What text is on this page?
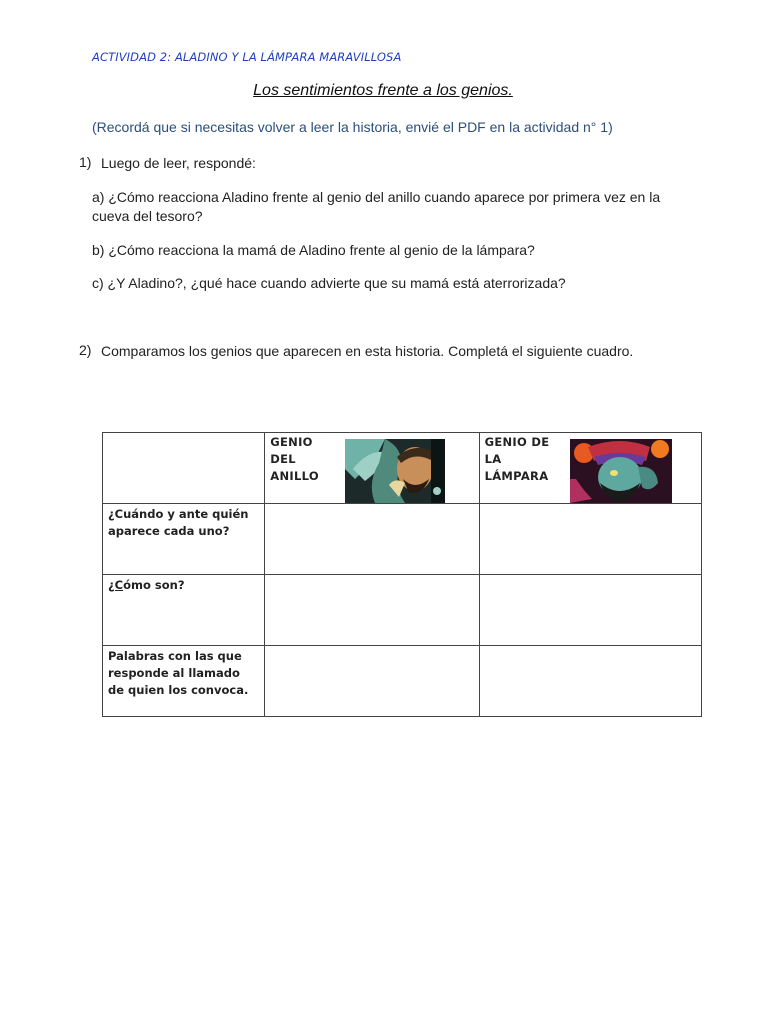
ACTIVIDAD 2: ALADINO Y LA LÁMPARA MARAVILLOSA
Los sentimientos frente a los genios.
(Recordá que si necesitas volver a leer la historia, envié el PDF en la actividad n° 1)
1) Luego de leer, respondé:
a) ¿Cómo reacciona Aladino frente al genio del anillo cuando aparece por primera vez en la cueva del tesoro?
b) ¿Cómo reacciona la mamá de Aladino frente al genio de la lámpara?
c) ¿Y Aladino?, ¿qué hace cuando advierte que su mamá está aterrorizada?
2) Comparamos los genios que aparecen en esta historia. Completá el siguiente cuadro.

	GENIO DEL ANILLO	GENIO DE LA LÁMPARA

¿Cuándo y ante quién aparece cada uno?		

¿Cómo son?		

Palabras con las que responde al llamado de quien los convoca.		
